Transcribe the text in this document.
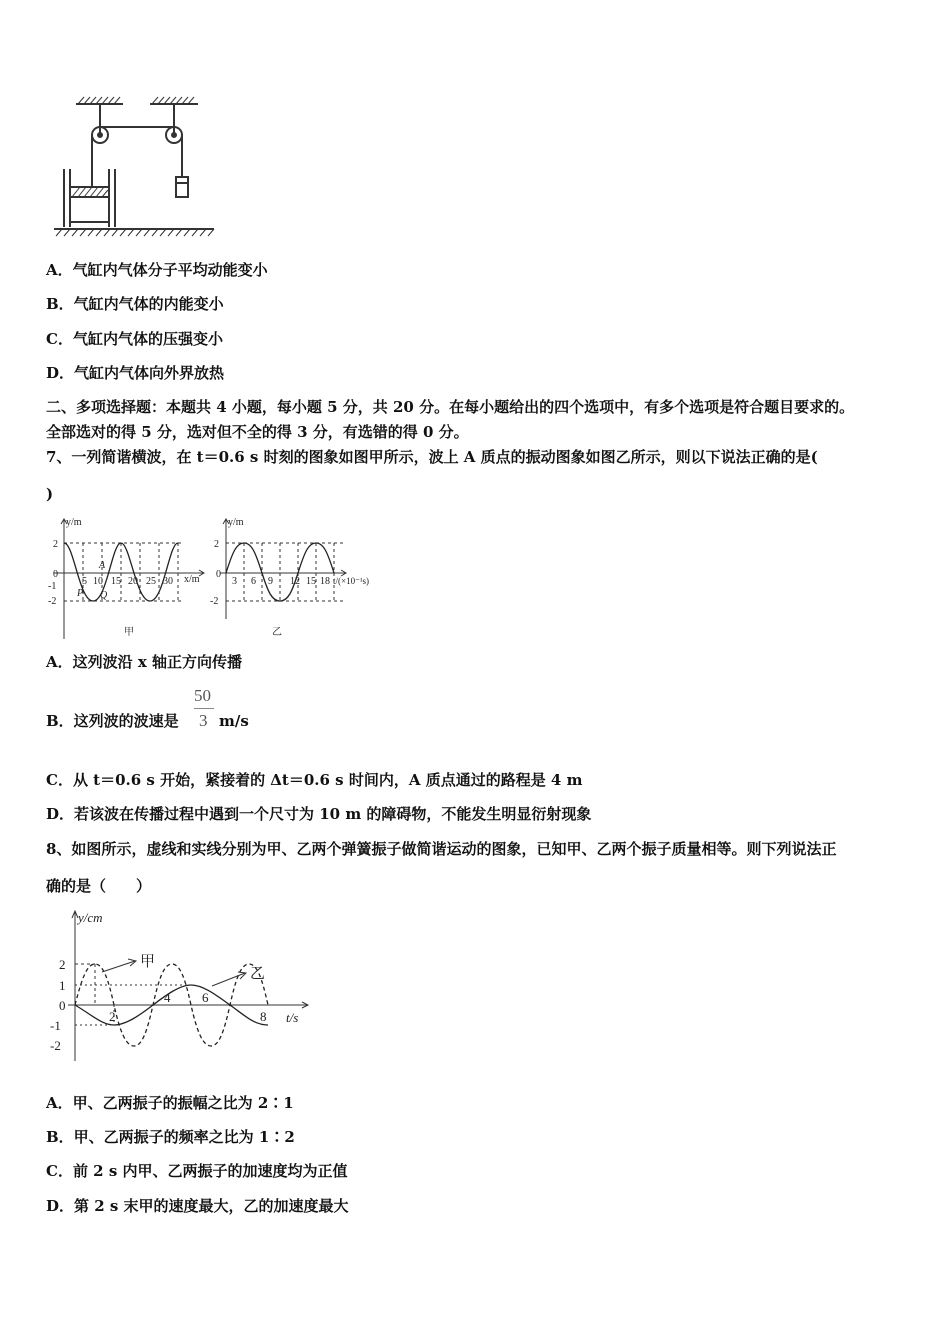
A．气缸内气体分子平均动能变小
B．气缸内气体的内能变小
C．气缸内气体的压强变小
D．气缸内气体向外界放热
二、多项选择题：本题共 4 小题，每小题 5 分，共 20 分。在每小题给出的四个选项中，有多个选项是符合题目要求的。
全部选对的得 5 分，选对但不全的得 3 分，有选错的得 0 分。
7、一列简谐横波，在 t＝0.6 s 时刻的图象如图甲所示，波上 A 质点的振动图象如图乙所示，则以下说法正确的是(
)
y/m
x/m
2
0
-1
-2
5 10 15 20 25 30
A
P Q
甲
y/m
2
0
-2
3 6 9 12 15 18 t/(×10⁻¹s)
乙
A．这列波沿 x 轴正方向传播
B．这列波的波速是
50
3 m/s
C．从 t＝0.6 s 开始，紧接着的 Δt＝0.6 s 时间内，A 质点通过的路程是 4 m
D．若该波在传播过程中遇到一个尺寸为 10 m 的障碍物，不能发生明显衍射现象
8、如图所示，虚线和实线分别为甲、乙两个弹簧振子做简谐运动的图象，已知甲、乙两个振子质量相等。则下列说法正
确的是（　　）
y/cm
t/s
2
1
0
-1
-2
2
4 6
8
甲
乙
A．甲、乙两振子的振幅之比为 2∶1
B．甲、乙两振子的频率之比为 1∶2
C．前 2 s 内甲、乙两振子的加速度均为正值
D．第 2 s 末甲的速度最大，乙的加速度最大
